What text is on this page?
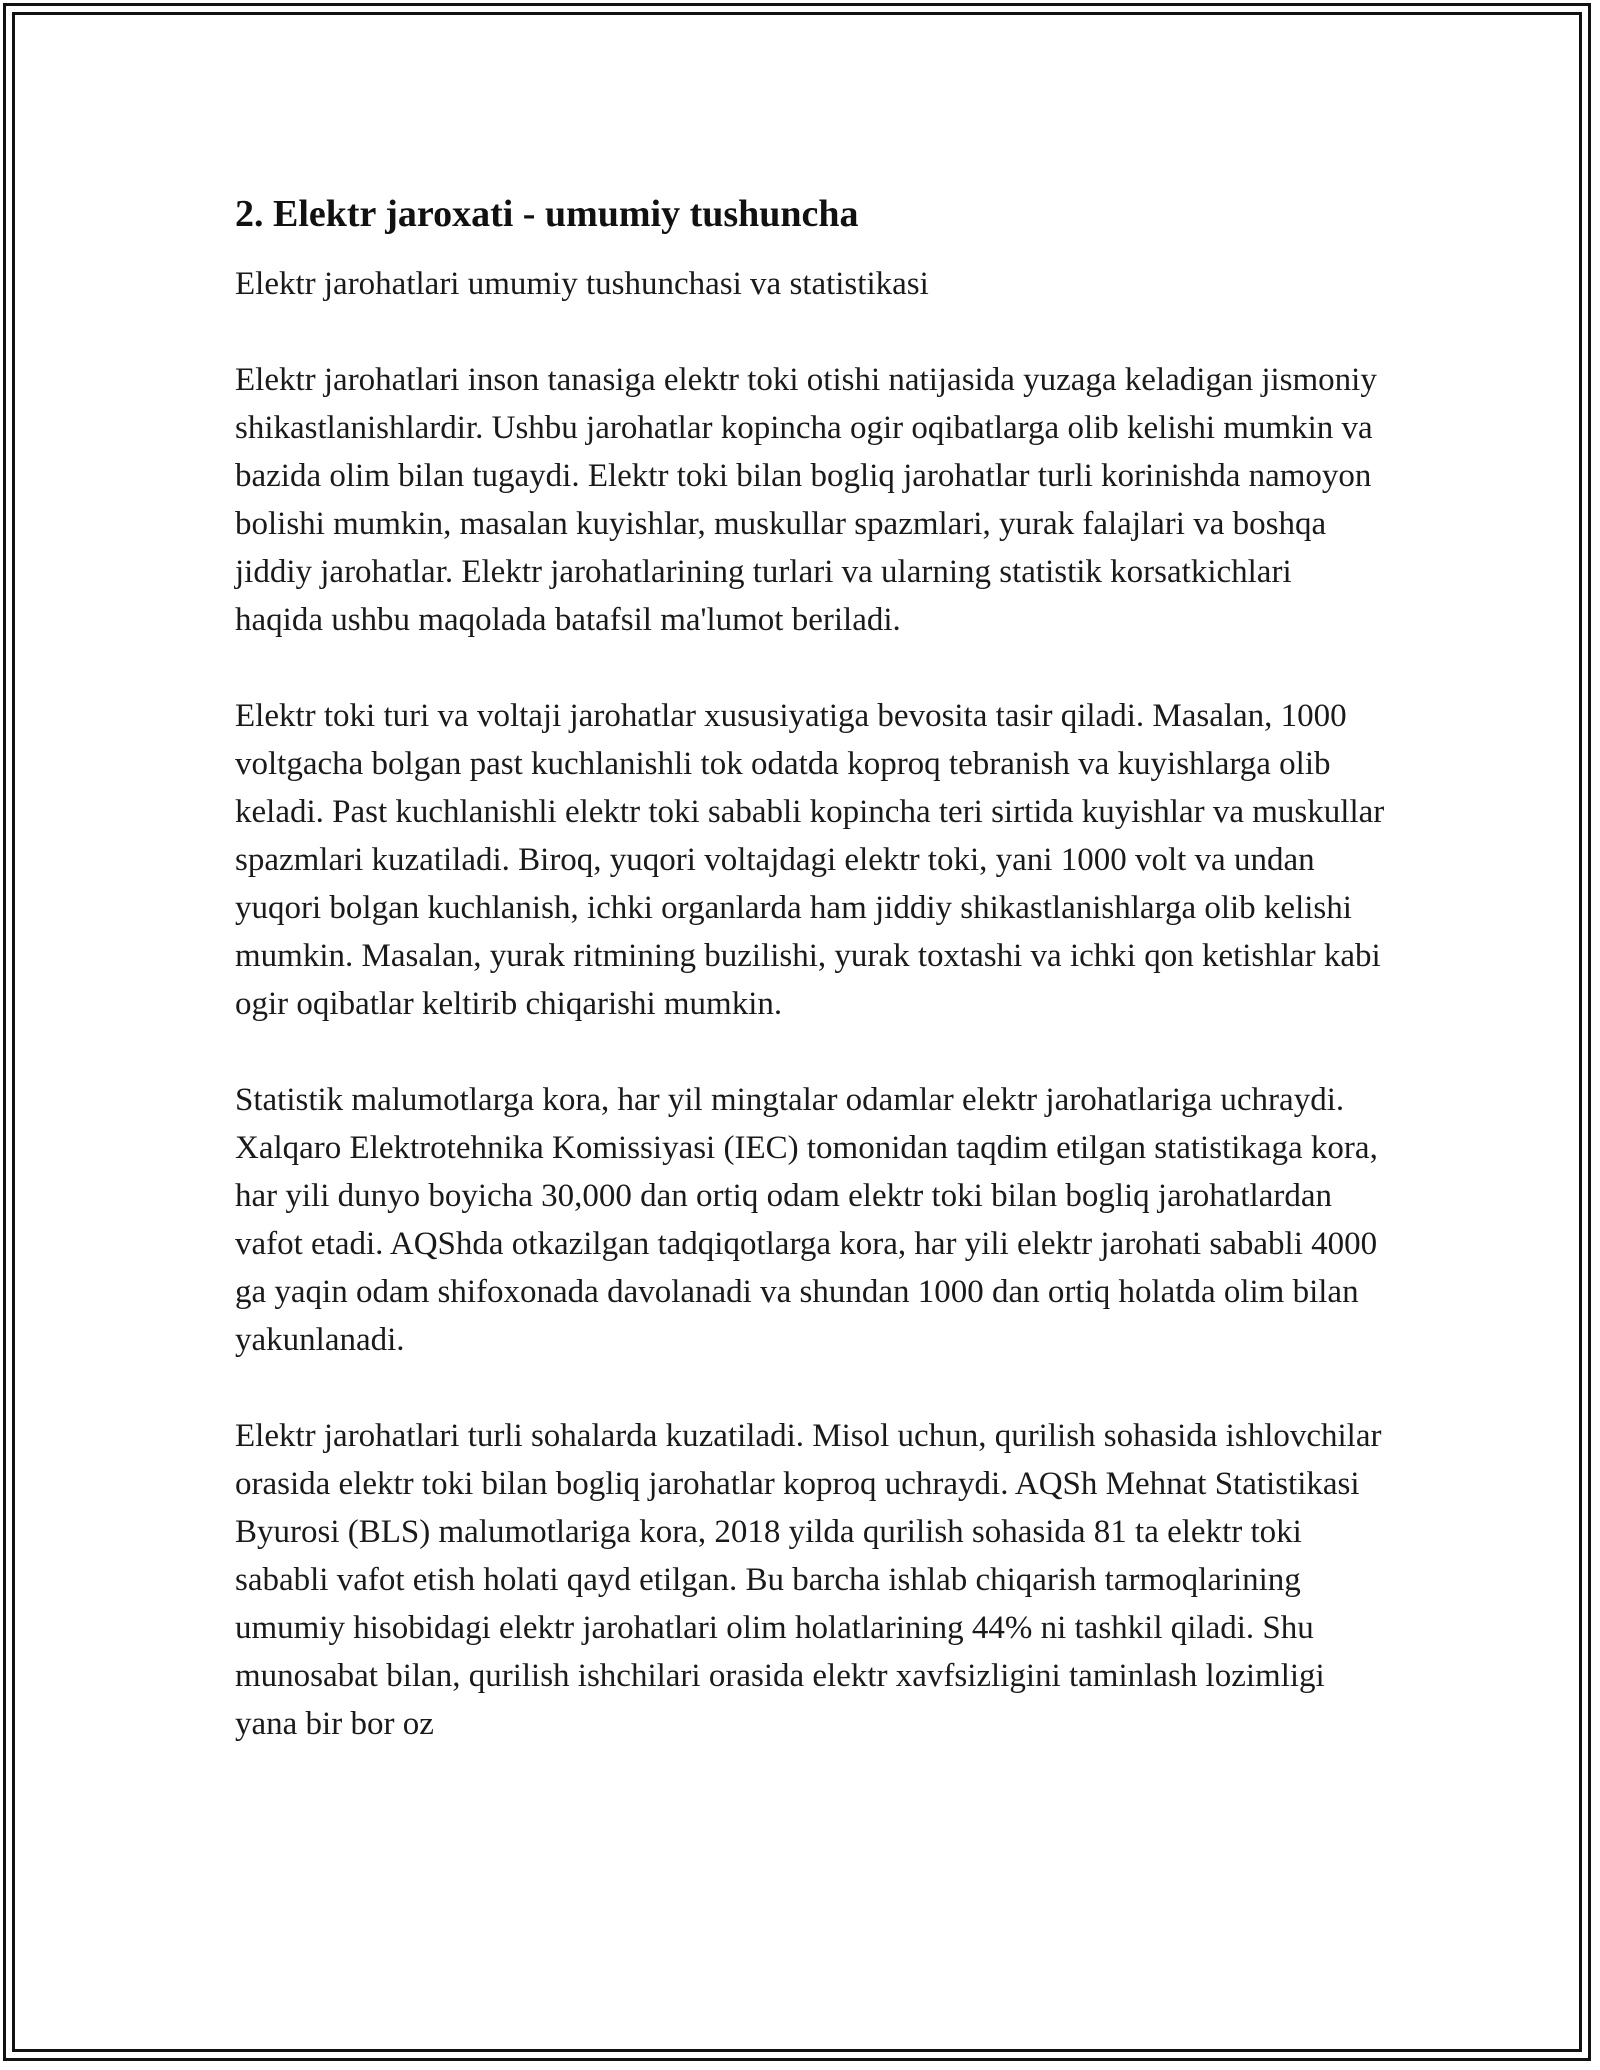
2. Elektr jaroxati - umumiy tushuncha

Elektr jarohatlari umumiy tushunchasi va statistikasi

Elektr jarohatlari inson tanasiga elektr toki otishi natijasida yuzaga keladigan jismoniy shikastlanishlardir. Ushbu jarohatlar kopincha ogir oqibatlarga olib kelishi mumkin va bazida olim bilan tugaydi. Elektr toki bilan bogliq jarohatlar turli korinishda namoyon bolishi mumkin, masalan kuyishlar, muskullar spazmlari, yurak falajlari va boshqa jiddiy jarohatlar. Elektr jarohatlarining turlari va ularning statistik korsatkichlari haqida ushbu maqolada batafsil ma'lumot beriladi.

Elektr toki turi va voltaji jarohatlar xususiyatiga bevosita tasir qiladi. Masalan, 1000 voltgacha bolgan past kuchlanishli tok odatda koproq tebranish va kuyishlarga olib keladi. Past kuchlanishli elektr toki sababli kopincha teri sirtida kuyishlar va muskullar spazmlari kuzatiladi. Biroq, yuqori voltajdagi elektr toki, yani 1000 volt va undan yuqori bolgan kuchlanish, ichki organlarda ham jiddiy shikastlanishlarga olib kelishi mumkin. Masalan, yurak ritmining buzilishi, yurak toxtashi va ichki qon ketishlar kabi ogir oqibatlar keltirib chiqarishi mumkin.

Statistik malumotlarga kora, har yil mingtalar odamlar elektr jarohatlariga uchraydi. Xalqaro Elektrotehnika Komissiyasi (IEC) tomonidan taqdim etilgan statistikaga kora, har yili dunyo boyicha 30,000 dan ortiq odam elektr toki bilan bogliq jarohatlardan vafot etadi. AQShda otkazilgan tadqiqotlarga kora, har yili elektr jarohati sababli 4000 ga yaqin odam shifoxonada davolanadi va shundan 1000 dan ortiq holatda olim bilan yakunlanadi.

Elektr jarohatlari turli sohalarda kuzatiladi. Misol uchun, qurilish sohasida ishlovchilar orasida elektr toki bilan bogliq jarohatlar koproq uchraydi. AQSh Mehnat Statistikasi Byurosi (BLS) malumotlariga kora, 2018 yilda qurilish sohasida 81 ta elektr toki sababli vafot etish holati qayd etilgan. Bu barcha ishlab chiqarish tarmoqlarining umumiy hisobidagi elektr jarohatlari olim holatlarining 44% ni tashkil qiladi. Shu munosabat bilan, qurilish ishchilari orasida elektr xavfsizligini taminlash lozimligi yana bir bor oz
